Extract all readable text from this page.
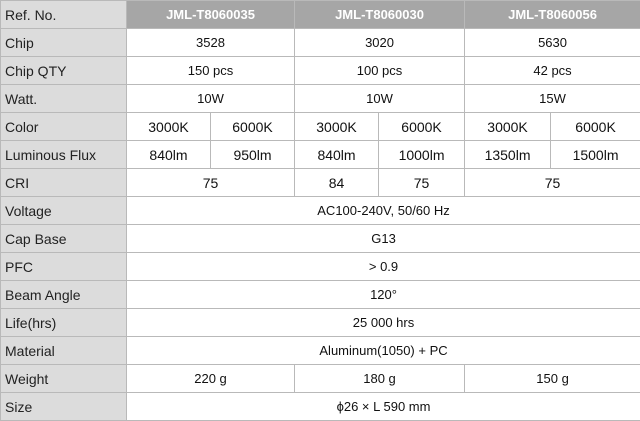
Ref. No.	JML-T8060035		JML-T8060030		JML-T8060056	
Chip	3528		3020		5630	
Chip QTY	150 pcs		100 pcs		42 pcs	
Watt.	10W		10W		15W	
Color	3000K	6000K	3000K	6000K	3000K	6000K
Luminous Flux	840lm	950lm	840lm	1000lm	1350lm	1500lm
CRI	75		84	75	75	
Voltage	AC100-240V, 50/60 Hz					
Cap Base	G13					
PFC	> 0.9					
Beam Angle	120°					
Life(hrs)	25 000 hrs					
Material	Aluminum(1050) + PC					
Weight	220 g		180 g		150 g	
Size	ϕ26 × L 590 mm					
